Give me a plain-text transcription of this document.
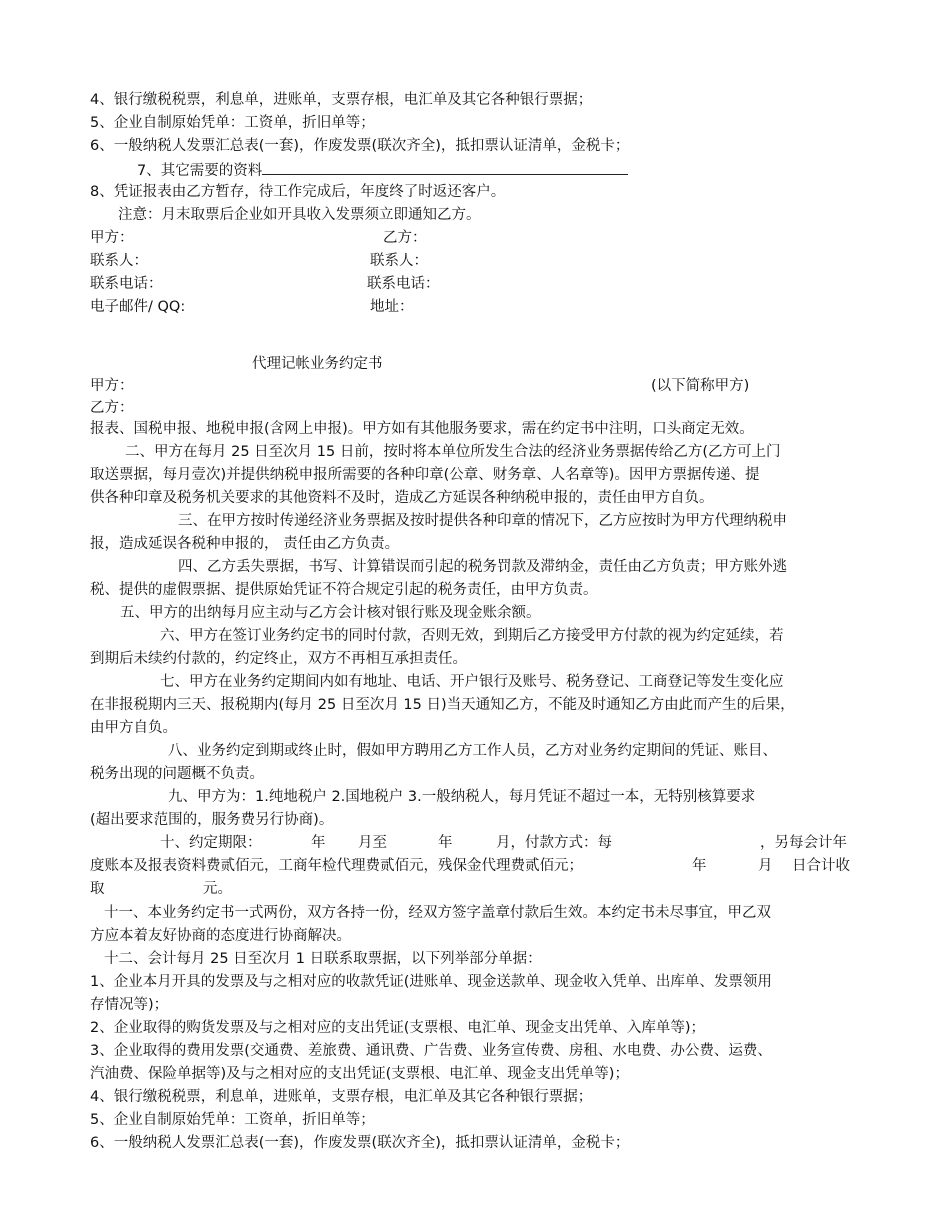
4、银行缴税税票，利息单，进账单，支票存根，电汇单及其它各种银行票据；
5、企业自制原始凭单：工资单，折旧单等；
6、一般纳税人发票汇总表(一套)，作废发票(联次齐全)，抵扣票认证清单，金税卡；
7、其它需要的资料
8、凭证报表由乙方暂存，待工作完成后，年度终了时返还客户。
注意：月末取票后企业如开具收入发票须立即通知乙方。
甲方：	乙方：
联系人：	联系人：
联系电话：	联系电话：
电子邮件/ QQ:	地址：
代理记帐业务约定书
甲方：	(以下简称甲方)
乙方：
报表、国税申报、地税申报(含网上申报)。甲方如有其他服务要求，需在约定书中注明，口头商定无效。
二、甲方在每月 25 日至次月 15 日前，按时将本单位所发生合法的经济业务票据传给乙方(乙方可上门
取送票据，每月壹次)并提供纳税申报所需要的各种印章(公章、财务章、人名章等)。因甲方票据传递、提
供各种印章及税务机关要求的其他资料不及时，造成乙方延误各种纳税申报的，责任由甲方自负。
三、在甲方按时传递经济业务票据及按时提供各种印章的情况下，乙方应按时为甲方代理纳税申
报，造成延误各税种申报的， 责任由乙方负责。
四、乙方丢失票据，书写、计算错误而引起的税务罚款及滞纳金，责任由乙方负责；甲方账外逃
税、提供的虚假票据、提供原始凭证不符合规定引起的税务责任，由甲方负责。
五、甲方的出纳每月应主动与乙方会计核对银行账及现金账余额。
六、甲方在签订业务约定书的同时付款，否则无效，到期后乙方接受甲方付款的视为约定延续，若
到期后未续约付款的，约定终止，双方不再相互承担责任。
七、甲方在业务约定期间内如有地址、电话、开户银行及账号、税务登记、工商登记等发生变化应
在非报税期内三天、报税期内(每月 25 日至次月 15 日)当天通知乙方，不能及时通知乙方由此而产生的后果，
由甲方自负。
八、业务约定到期或终止时，假如甲方聘用乙方工作人员，乙方对业务约定期间的凭证、账目、
税务出现的问题概不负责。
九、甲方为：1.纯地税户 2.国地税户 3.一般纳税人，每月凭证不超过一本，无特别核算要求
(超出要求范围的，服务费另行协商)。
十、约定期限：	年 月至	年	月，付款方式：每	，另每会计年
度账本及报表资料费贰佰元，工商年检代理费贰佰元，残保金代理费贰佰元；	年	月 日合计收
取	元。
十一、本业务约定书一式两份，双方各持一份，经双方签字盖章付款后生效。本约定书未尽事宜，甲乙双
方应本着友好协商的态度进行协商解决。
十二、会计每月 25 日至次月 1 日联系取票据，以下列举部分单据：
1、企业本月开具的发票及与之相对应的收款凭证(进账单、现金送款单、现金收入凭单、出库单、发票领用
存情况等)；
2、企业取得的购货发票及与之相对应的支出凭证(支票根、电汇单、现金支出凭单、入库单等)；
3、企业取得的费用发票(交通费、差旅费、通讯费、广告费、业务宣传费、房租、水电费、办公费、运费、
汽油费、保险单据等)及与之相对应的支出凭证(支票根、电汇单、现金支出凭单等)；
4、银行缴税税票，利息单，进账单，支票存根，电汇单及其它各种银行票据；
5、企业自制原始凭单：工资单，折旧单等；
6、一般纳税人发票汇总表(一套)，作废发票(联次齐全)，抵扣票认证清单，金税卡；
